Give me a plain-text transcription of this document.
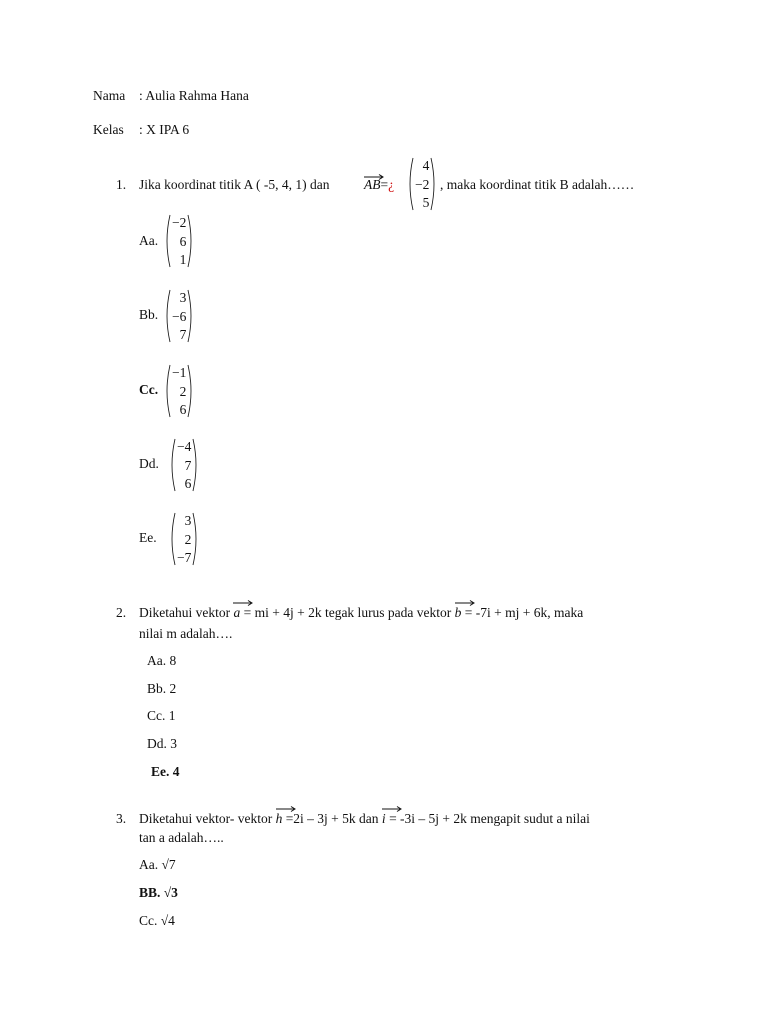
Nama : Aulia Rahma Hana
Kelas : X IPA 6
1. Jika koordinat titik A ( -5, 4, 1) dan	AB=¿
4
−2
5
, maka koordinat titik B adalah……
Aa.
−2
6
1
Bb.
3
−6
7
Cc.
−1
2
6
Dd.
−4
7
6
Ee.
3
2
−7
2. Diketahui vektor
a = mi + 4j + 2k tegak lurus pada vektor
b = -7i + mj + 6k, maka
nilai m adalah….
Aa. 8
Bb. 2
Cc. 1
Dd. 3
Ee. 4
3. Diketahui vektor- vektor
h =2i – 3j + 5k dan
i = -3i – 5j + 2k mengapit sudut a nilai
tan a adalah…..
Aa. √7
BB. √3
Cc. √4
